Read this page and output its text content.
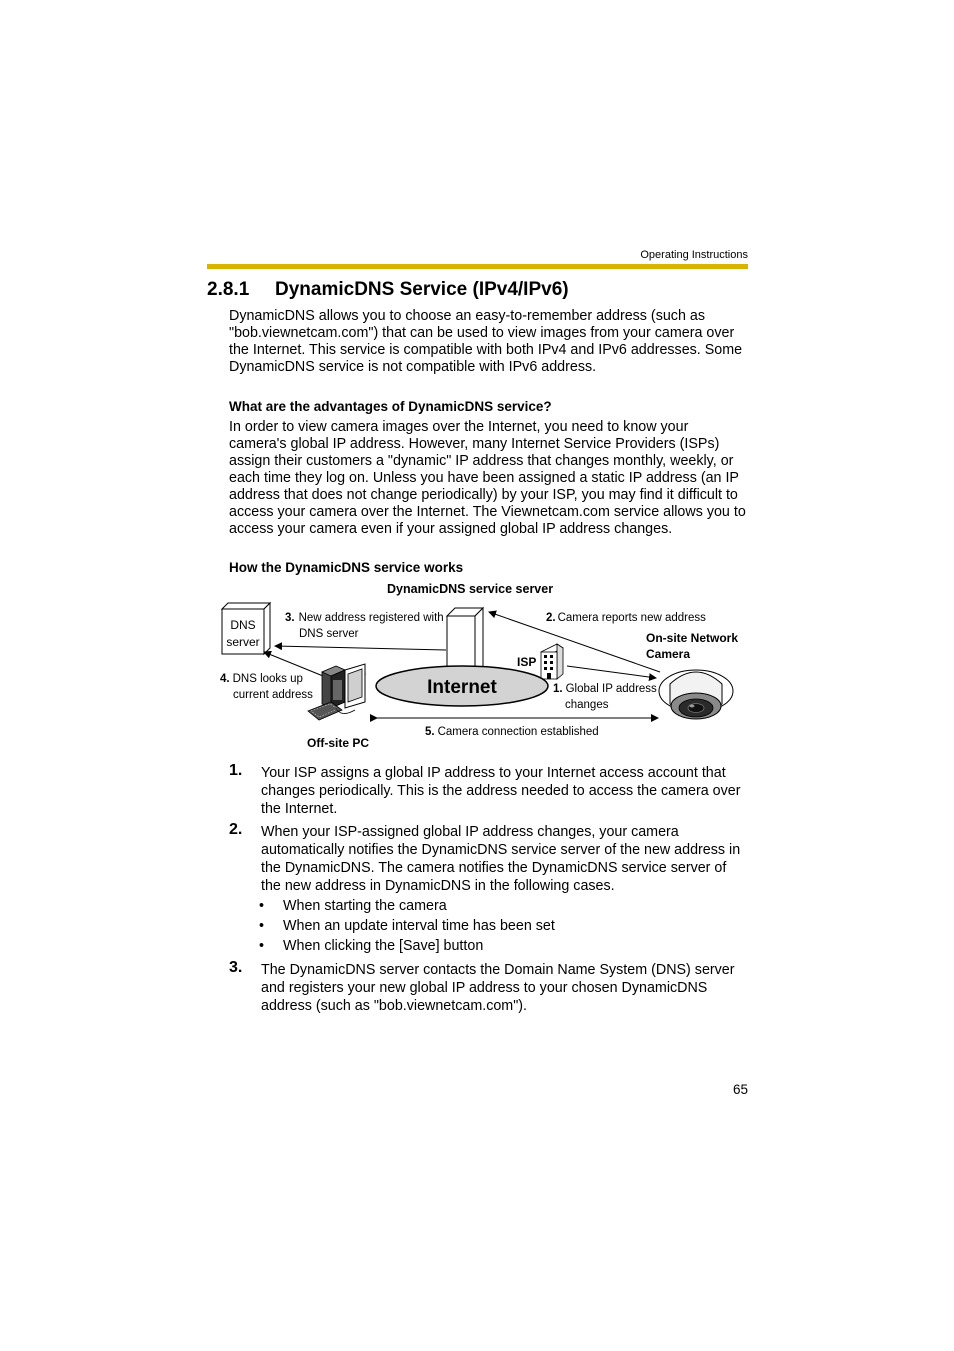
Operating Instructions
2.8.1 DynamicDNS Service (IPv4/IPv6)

DynamicDNS allows you to choose an easy-to-remember address (such as "bob.viewnetcam.com") that can be used to view images from your camera over the Internet. This service is compatible with both IPv4 and IPv6 addresses. Some DynamicDNS service is not compatible with IPv6 address.

What are the advantages of DynamicDNS service?

In order to view camera images over the Internet, you need to know your camera's global IP address. However, many Internet Service Providers (ISPs) assign their customers a "dynamic" IP address that changes monthly, weekly, or each time they log on. Unless you have been assigned a static IP address (an IP address that does not change periodically) by your ISP, you may find it difficult to access your camera over the Internet. The Viewnetcam.com service allows you to access your camera even if your assigned global IP address changes.

How the DynamicDNS service works
DynamicDNS service server
DNS
server
3. New address registered with
DNS server
2. Camera reports new address
On-site Network
Camera
ISP
Internet
4. DNS looks up
current address	1. Global IP address
changes
5. Camera connection established
Off-site PC
1. Your ISP assigns a global IP address to your Internet access account that changes periodically. This is the address needed to access the camera over the Internet.
2. When your ISP-assigned global IP address changes, your camera automatically notifies the DynamicDNS service server of the new address in the DynamicDNS. The camera notifies the DynamicDNS service server of the new address in DynamicDNS in the following cases.
• When starting the camera
• When an update interval time has been set
• When clicking the [Save] button
3. The DynamicDNS server contacts the Domain Name System (DNS) server and registers your new global IP address to your chosen DynamicDNS address (such as "bob.viewnetcam.com").
65
